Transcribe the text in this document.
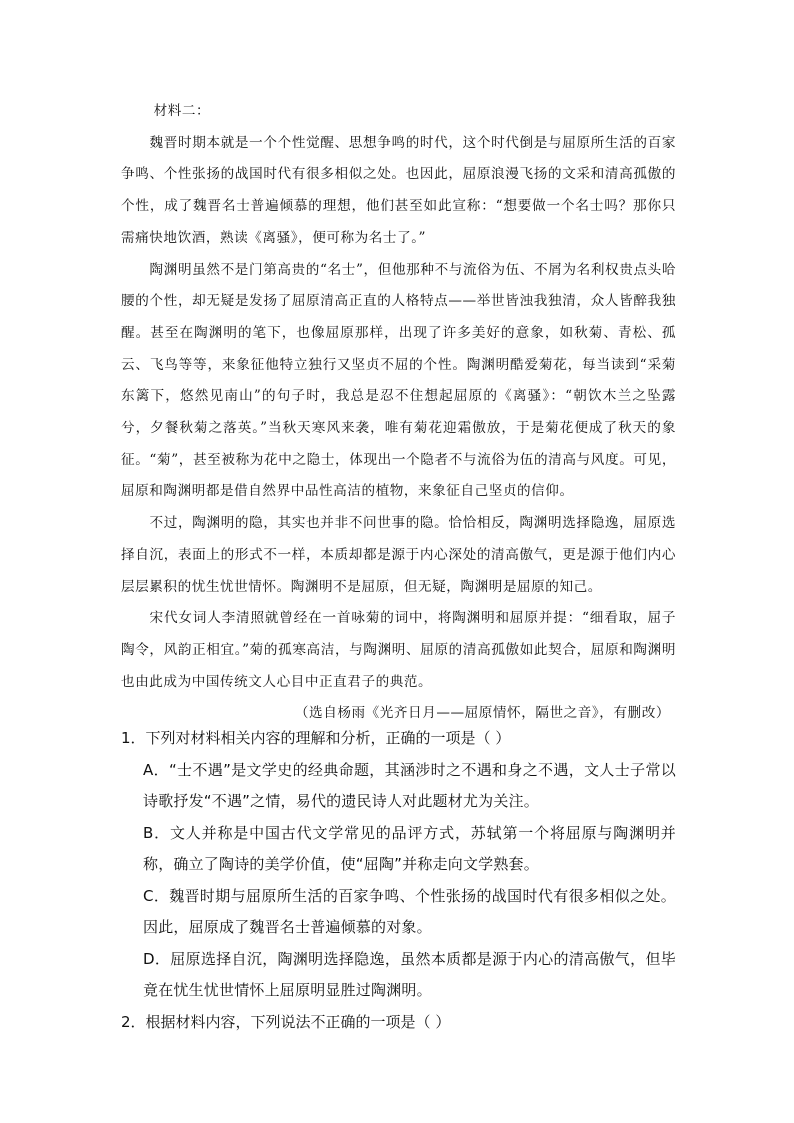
材料二：

魏晋时期本就是一个个性觉醒、思想争鸣的时代，这个时代倒是与屈原所生活的百家争鸣、个性张扬的战国时代有很多相似之处。也因此，屈原浪漫飞扬的文采和清高孤傲的个性，成了魏晋名士普遍倾慕的理想，他们甚至如此宣称：“想要做一个名士吗？那你只需痛快地饮酒，熟读《离骚》，便可称为名士了。”

陶渊明虽然不是门第高贵的“名士”，但他那种不与流俗为伍、不屑为名利权贵点头哈腰的个性，却无疑是发扬了屈原清高正直的人格特点——举世皆浊我独清，众人皆醉我独醒。甚至在陶渊明的笔下，也像屈原那样，出现了许多美好的意象，如秋菊、青松、孤云、飞鸟等等，来象征他特立独行又坚贞不屈的个性。陶渊明酷爱菊花，每当读到“采菊东篱下，悠然见南山”的句子时，我总是忍不住想起屈原的《离骚》：“朝饮木兰之坠露兮，夕餐秋菊之落英。”当秋天寒风来袭，唯有菊花迎霜傲放，于是菊花便成了秋天的象征。“菊”，甚至被称为花中之隐士，体现出一个隐者不与流俗为伍的清高与风度。可见，屈原和陶渊明都是借自然界中品性高洁的植物，来象征自己坚贞的信仰。

不过，陶渊明的隐，其实也并非不问世事的隐。恰恰相反，陶渊明选择隐逸，屈原选择自沉，表面上的形式不一样，本质却都是源于内心深处的清高傲气，更是源于他们内心层层累积的忧生忧世情怀。陶渊明不是屈原，但无疑，陶渊明是屈原的知己。

宋代女词人李清照就曾经在一首咏菊的词中，将陶渊明和屈原并提：“细看取，屈子陶令，风韵正相宜。”菊的孤寒高洁，与陶渊明、屈原的清高孤傲如此契合，屈原和陶渊明也由此成为中国传统文人心目中正直君子的典范。

（选自杨雨《光齐日月——屈原情怀，隔世之音》，有删改）

1．下列对材料相关内容的理解和分析，正确的一项是（ ）

A．“士不遇”是文学史的经典命题，其涵涉时之不遇和身之不遇，文人士子常以诗歌抒发“不遇”之情，易代的遗民诗人对此题材尤为关注。

B．文人并称是中国古代文学常见的品评方式，苏轼第一个将屈原与陶渊明并称，确立了陶诗的美学价值，使“屈陶”并称走向文学熟套。

C．魏晋时期与屈原所生活的百家争鸣、个性张扬的战国时代有很多相似之处。因此，屈原成了魏晋名士普遍倾慕的对象。

D．屈原选择自沉，陶渊明选择隐逸，虽然本质都是源于内心的清高傲气，但毕竟在忧生忧世情怀上屈原明显胜过陶渊明。

2．根据材料内容，下列说法不正确的一项是（ ）
